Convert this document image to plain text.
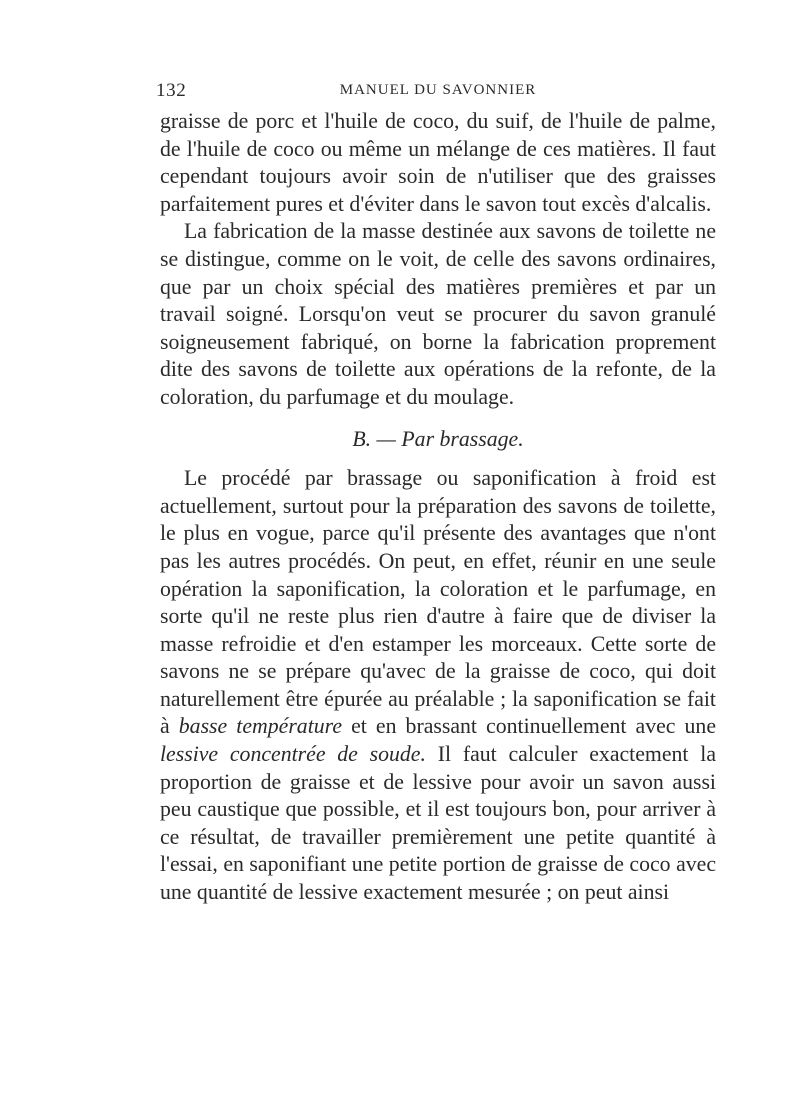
132	MANUEL DU SAVONNIER

graisse de porc et l'huile de coco, du suif, de l'huile de palme, de l'huile de coco ou même un mélange de ces matières. Il faut cependant toujours avoir soin de n'utiliser que des graisses parfaitement pures et d'éviter dans le savon tout excès d'alcalis.

La fabrication de la masse destinée aux savons de toilette ne se distingue, comme on le voit, de celle des savons ordinaires, que par un choix spécial des matières premières et par un travail soigné. Lorsqu'on veut se procurer du savon granulé soigneusement fabriqué, on borne la fabrication proprement dite des savons de toilette aux opérations de la refonte, de la coloration, du parfumage et du moulage.

B. — Par brassage.

Le procédé par brassage ou saponification à froid est actuellement, surtout pour la préparation des savons de toilette, le plus en vogue, parce qu'il présente des avantages que n'ont pas les autres procédés. On peut, en effet, réunir en une seule opération la saponification, la coloration et le parfumage, en sorte qu'il ne reste plus rien d'autre à faire que de diviser la masse refroidie et d'en estamper les morceaux. Cette sorte de savons ne se prépare qu'avec de la graisse de coco, qui doit naturellement être épurée au préalable ; la saponification se fait à basse température et en brassant continuellement avec une lessive concentrée de soude. Il faut calculer exactement la proportion de graisse et de lessive pour avoir un savon aussi peu caustique que possible, et il est toujours bon, pour arriver à ce résultat, de travailler premièrement une petite quantité à l'essai, en saponifiant une petite portion de graisse de coco avec une quantité de lessive exactement mesurée ; on peut ainsi
